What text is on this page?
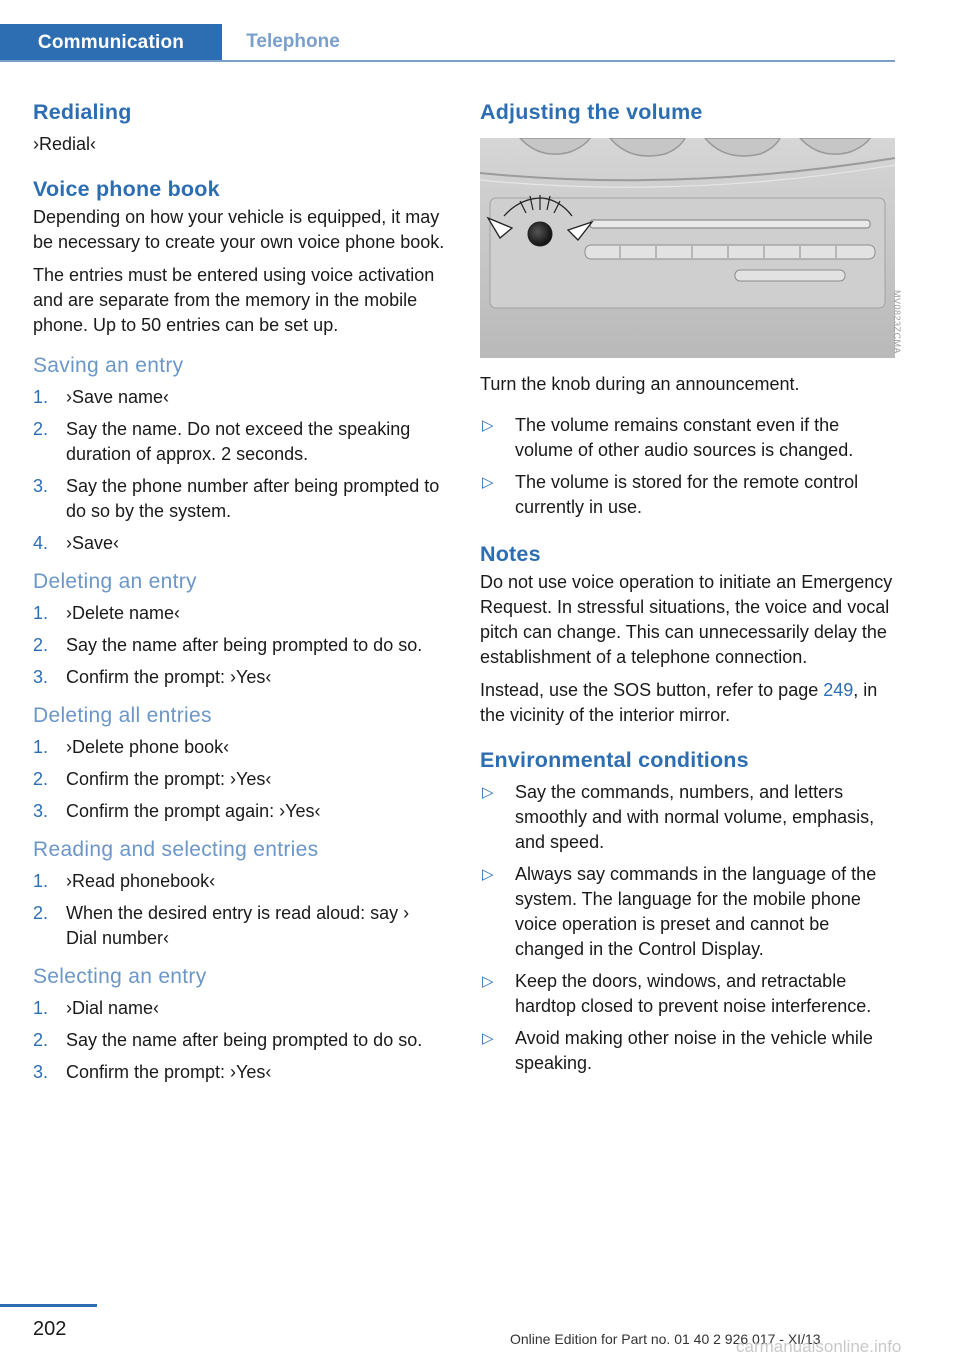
Communication	Telephone
Redialing

›Redial‹

Voice phone book

Depending on how your vehicle is equipped, it may be necessary to create your own voice phone book.

The entries must be entered using voice activation and are separate from the memory in the mobile phone. Up to 50 entries can be set up.

Saving an entry
1. ›Save name‹
2. Say the name. Do not exceed the speaking duration of approx. 2 seconds.
3. Say the phone number after being prompted to do so by the system.
4. ›Save‹
Deleting an entry
1. ›Delete name‹
2. Say the name after being prompted to do so.
3. Confirm the prompt: ›Yes‹
Deleting all entries
1. ›Delete phone book‹
2. Confirm the prompt: ›Yes‹
3. Confirm the prompt again: ›Yes‹
Reading and selecting entries
1. ›Read phonebook‹
2. When the desired entry is read aloud: say › Dial number‹
Selecting an entry
1. ›Dial name‹
2. Say the name after being prompted to do so.
3. Confirm the prompt: ›Yes‹
Adjusting the volume

Turn the knob during an announcement.

▷	The volume remains constant even if the volume of other audio sources is changed.
▷	The volume is stored for the remote control currently in use.
Notes

Do not use voice operation to initiate an Emergency Request. In stressful situations, the voice and vocal pitch can change. This can unnecessarily delay the establishment of a telephone connection.

Instead, use the SOS button, refer to page 249, in the vicinity of the interior mirror.

Environmental conditions
▷	Say the commands, numbers, and letters smoothly and with normal volume, emphasis, and speed.
▷	Always say commands in the language of the system. The language for the mobile phone voice operation is preset and cannot be changed in the Control Display.
▷	Keep the doors, windows, and retractable hardtop closed to prevent noise interference.
▷	Avoid making other noise in the vehicle while speaking.
MV0823ZCMA
202	Online Edition for Part no. 01 40 2 926 017 - XI/13
carmanualsonline.info
